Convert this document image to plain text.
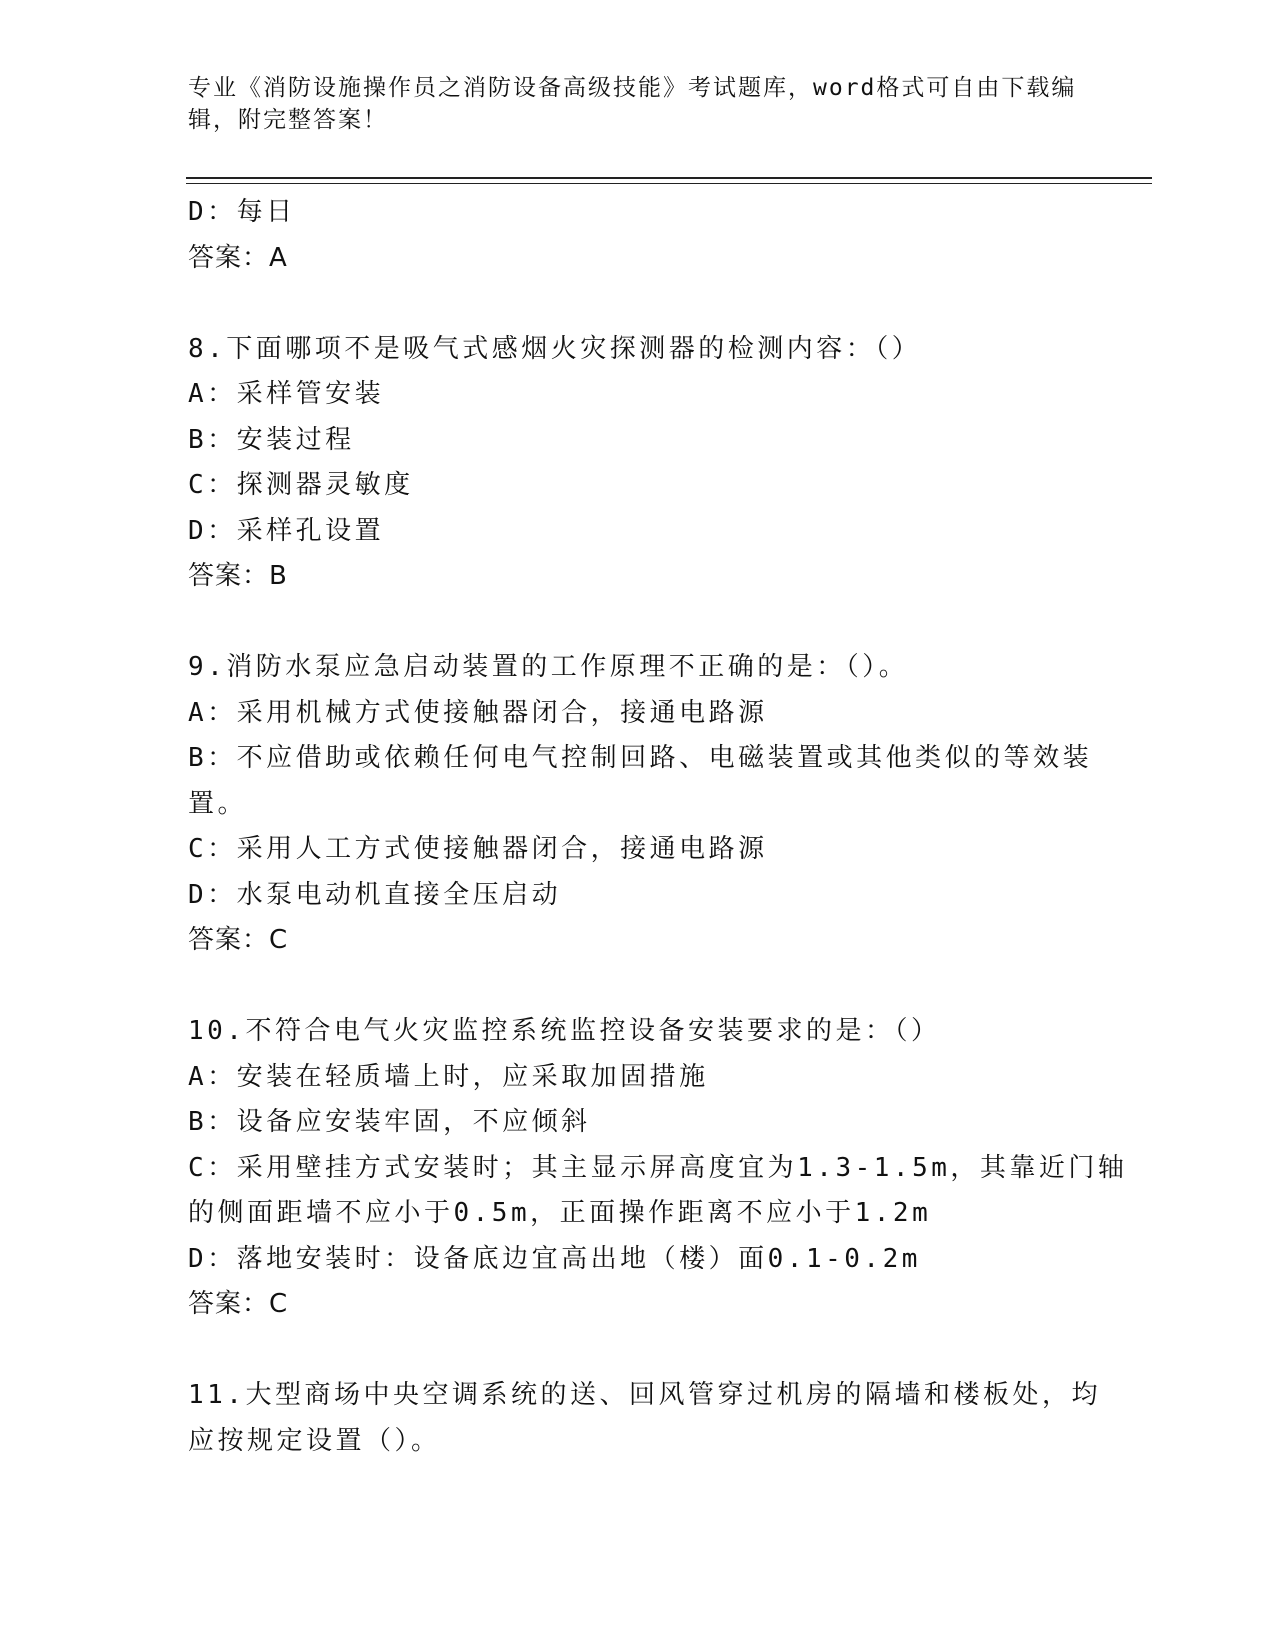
专业《消防设施操作员之消防设备高级技能》考试题库，word格式可自由下载编
辑，附完整答案！
D：每日
答案：A
8.下面哪项不是吸气式感烟火灾探测器的检测内容：（）
A：采样管安装
B：安装过程
C：探测器灵敏度
D：采样孔设置
答案：B
9.消防水泵应急启动装置的工作原理不正确的是：（）。
A：采用机械方式使接触器闭合，接通电路源
B：不应借助或依赖任何电气控制回路、电磁装置或其他类似的等效装
置。
C：采用人工方式使接触器闭合，接通电路源
D：水泵电动机直接全压启动
答案：C
10.不符合电气火灾监控系统监控设备安装要求的是：（）
A：安装在轻质墙上时，应采取加固措施
B：设备应安装牢固，不应倾斜
C：采用壁挂方式安装时；其主显示屏高度宜为1.3-1.5m，其靠近门轴
的侧面距墙不应小于0.5m，正面操作距离不应小于1.2m
D：落地安装时：设备底边宜高出地（楼）面0.1-0.2m
答案：C
11.大型商场中央空调系统的送、回风管穿过机房的隔墙和楼板处，均
应按规定设置（）。
